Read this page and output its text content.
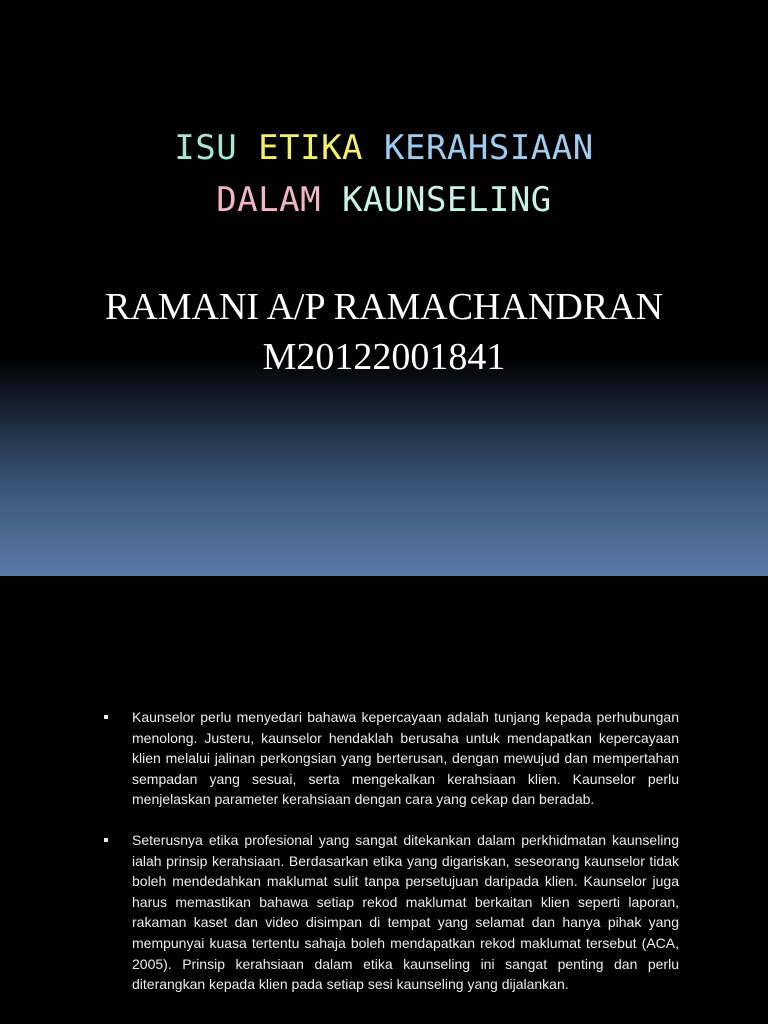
ISU ETIKA KERAHSIAAN
DALAM KAUNSELING
RAMANI A/P RAMACHANDRAN
M20122001841
Kaunselor perlu menyedari bahawa kepercayaan adalah tunjang kepada perhubungan menolong. Justeru, kaunselor hendaklah berusaha untuk mendapatkan kepercayaan klien melalui jalinan perkongsian yang berterusan, dengan mewujud dan mempertahan sempadan yang sesuai, serta mengekalkan kerahsiaan klien. Kaunselor perlu menjelaskan parameter kerahsiaan dengan cara yang cekap dan beradab.
Seterusnya etika profesional yang sangat ditekankan dalam perkhidmatan kaunseling ialah prinsip kerahsiaan. Berdasarkan etika yang digariskan, seseorang kaunselor tidak boleh mendedahkan maklumat sulit tanpa persetujuan daripada klien. Kaunselor juga harus memastikan bahawa setiap rekod maklumat berkaitan klien seperti laporan, rakaman kaset dan video disimpan di tempat yang selamat dan hanya pihak yang mempunyai kuasa tertentu sahaja boleh mendapatkan rekod maklumat tersebut (ACA, 2005). Prinsip kerahsiaan dalam etika kaunseling ini sangat penting dan perlu diterangkan kepada klien pada setiap sesi kaunseling yang dijalankan.
